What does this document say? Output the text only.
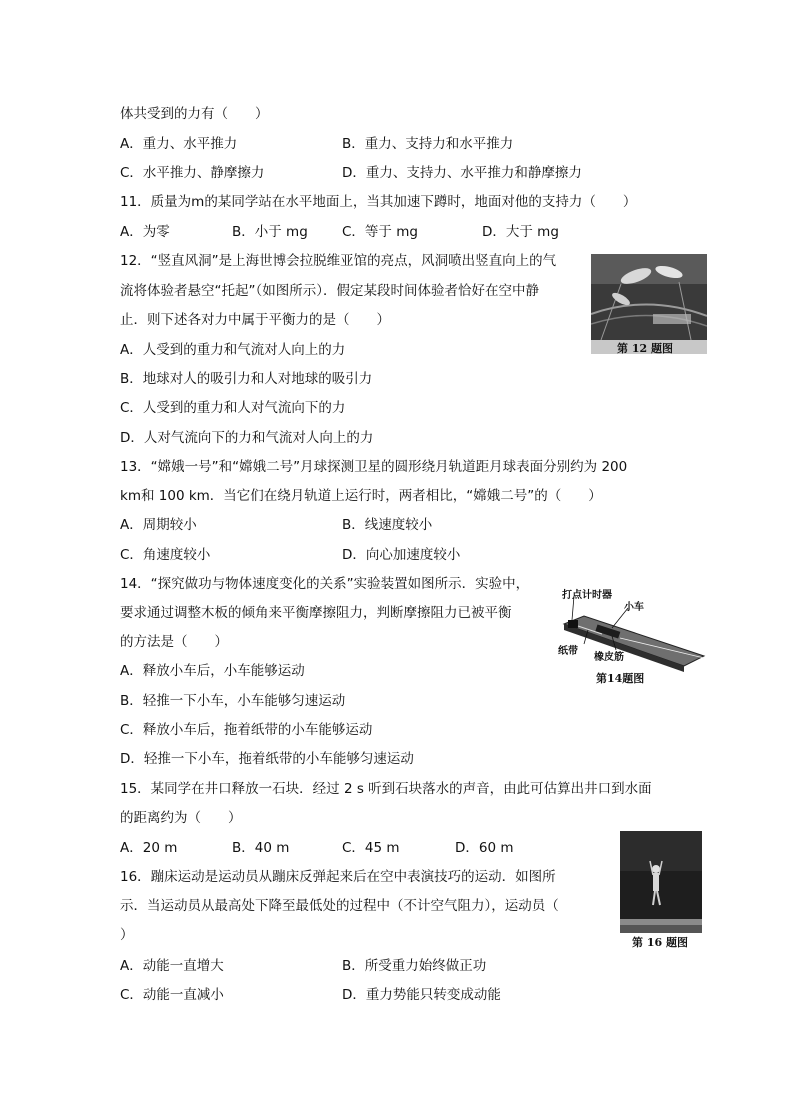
体共受到的力有（　　）
A．重力、水平推力	B．重力、支持力和水平推力
C．水平推力、静摩擦力	D．重力、支持力、水平推力和静摩擦力
11．质量为m的某同学站在水平地面上，当其加速下蹲时，地面对他的支持力（　　）
A．为零	B．小于 mg	C．等于 mg	D．大于 mg
12．“竖直风洞”是上海世博会拉脱维亚馆的亮点，风洞喷出竖直向上的气
流将体验者悬空“托起”（如图所示）．假定某段时间体验者恰好在空中静
止．则下述各对力中属于平衡力的是（　　）
A．人受到的重力和气流对人向上的力
B．地球对人的吸引力和人对地球的吸引力
C．人受到的重力和人对气流向下的力
D．人对气流向下的力和气流对人向上的力
第 12 题图
13．“嫦娥一号”和“嫦娥二号”月球探测卫星的圆形绕月轨道距月球表面分别约为 200
km和 100 km．当它们在绕月轨道上运行时，两者相比，“嫦娥二号”的（　　）
A．周期较小	B．线速度较小
C．角速度较小	D．向心加速度较小
14．“探究做功与物体速度变化的关系”实验装置如图所示．实验中，
要求通过调整木板的倾角来平衡摩擦阻力，判断摩擦阻力已被平衡
的方法是（　　）
A．释放小车后，小车能够运动
B．轻推一下小车，小车能够匀速运动
C．释放小车后，拖着纸带的小车能够运动
D．轻推一下小车，拖着纸带的小车能够匀速运动
打点计时器
小车
纸带
橡皮筋
第14题图
15．某同学在井口释放一石块．经过 2 s 听到石块落水的声音，由此可估算出井口到水面
的距离约为（　　）
A．20 m	B．40 m	C．45 m	D．60 m
16．蹦床运动是运动员从蹦床反弹起来后在空中表演技巧的运动．如图所
示．当运动员从最高处下降至最低处的过程中（不计空气阻力），运动员（
）
A．动能一直增大	B．所受重力始终做正功
C．动能一直减小	D．重力势能只转变成动能
第 16 题图
